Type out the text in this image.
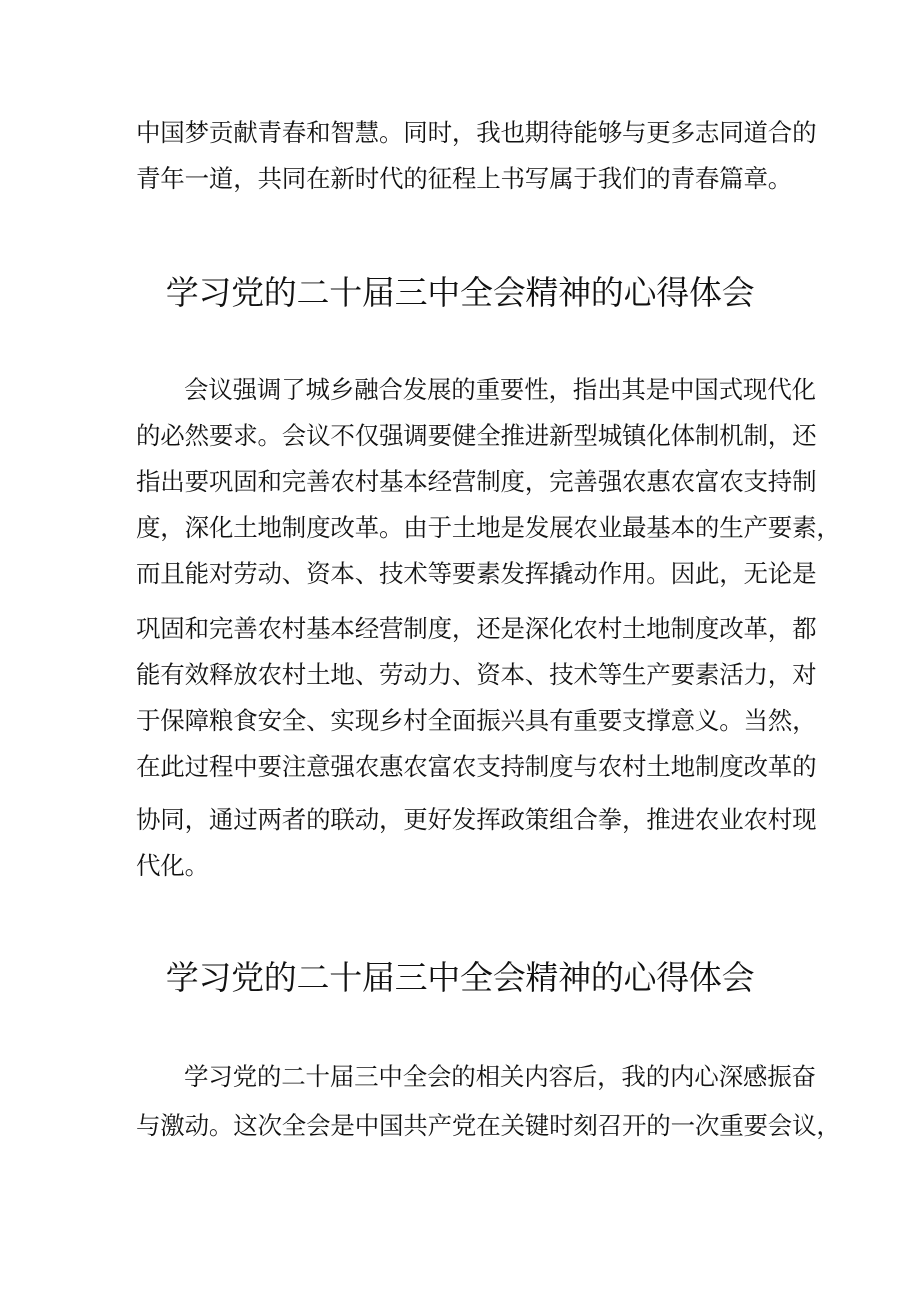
中国梦贡献青春和智慧。同时，我也期待能够与更多志同道合的
青年一道，共同在新时代的征程上书写属于我们的青春篇章。
学习党的二十届三中全会精神的心得体会
会议强调了城乡融合发展的重要性，指出其是中国式现代化
的必然要求。会议不仅强调要健全推进新型城镇化体制机制，还
指出要巩固和完善农村基本经营制度，完善强农惠农富农支持制
度，深化土地制度改革。由于土地是发展农业最基本的生产要素，
而且能对劳动、资本、技术等要素发挥撬动作用。因此，无论是
巩固和完善农村基本经营制度，还是深化农村土地制度改革，都
能有效释放农村土地、劳动力、资本、技术等生产要素活力，对
于保障粮食安全、实现乡村全面振兴具有重要支撑意义。当然，
在此过程中要注意强农惠农富农支持制度与农村土地制度改革的
协同，通过两者的联动，更好发挥政策组合拳，推进农业农村现
代化。
学习党的二十届三中全会精神的心得体会
学习党的二十届三中全会的相关内容后，我的内心深感振奋
与激动。这次全会是中国共产党在关键时刻召开的一次重要会议，
